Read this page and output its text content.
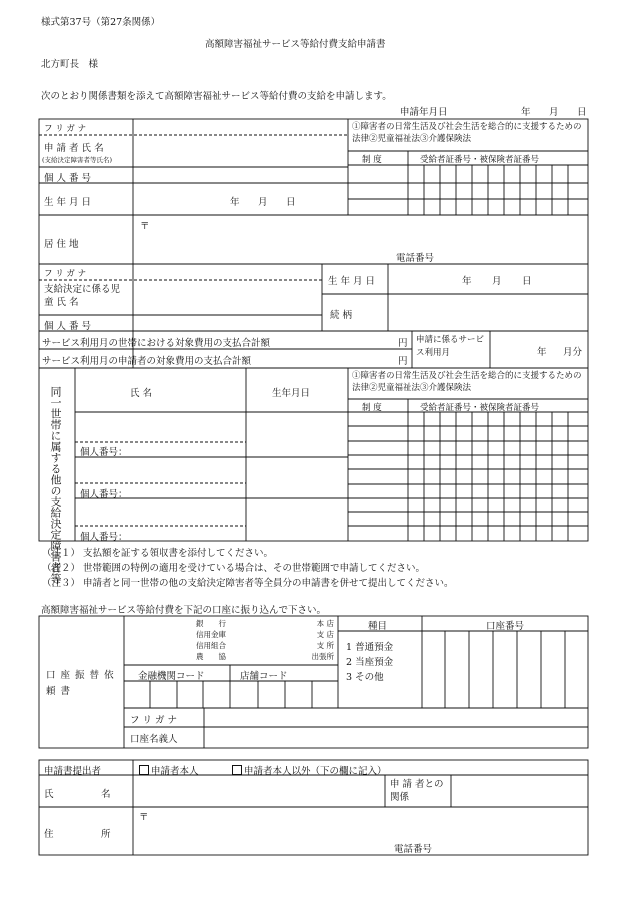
様式第37号（第27条関係）
高額障害福祉サービス等給付費支給申請書
北方町長　様
次のとおり関係書類を添えて高額障害福祉サービス等給付費の支給を申請します。
申請年月日	年 月 日
フ リ ガ ナ
申 請 者 氏 名
(支給決定障害者等氏名)
個 人 番 号
生 年 月 日	年 月 日
居 住 地
〒
電話番号
①障害者の日常生活及び社会生活を総合的に支援するための法律②児童福祉法③介護保険法
制 度	受給者証番号・被保険者証番号
フ リ ガ ナ
支給決定に係る児 童 氏 名
個 人 番 号
生 年 月 日	年 月 日
続 柄
サービス利用月の世帯における対象費用の支払合計額	円
サービス利用月の申請者の対象費用の支払合計額	円
申請に係るサービス利用月	年 月分
同一世帯に属する他の支給決定障害者等	氏 名	生年月日
個人番号：
個人番号：
個人番号：
①障害者の日常生活及び社会生活を総合的に支援するための法律②児童福祉法③介護保険法
制 度	受給者証番号・被保険者証番号
（注１） 支払額を証する領収書を添付してください。
（注２） 世帯範囲の特例の適用を受けている場合は、その世帯範囲で申請してください。
（注３） 申請者と同一世帯の他の支給決定障害者等全員分の申請書を併せて提出してください。
高額障害福祉サービス等給付費を下記の口座に振り込んで下さい。
口 座 振 替 依 頼 書
銀　　行
信用金庫
信用組合
農　　協
本 店
支 店
支 所
出張所
種目	口座番号
1 普通預金
2 当座預金
3 その他
金融機関コード	店舗コード
フ リ ガ ナ
口座名義人
申請書提出者	申請者本人	申請者本人以外（下の欄に記入）
氏　　　　　名
申 請 者との関係
住　　　　　所
〒
電話番号
